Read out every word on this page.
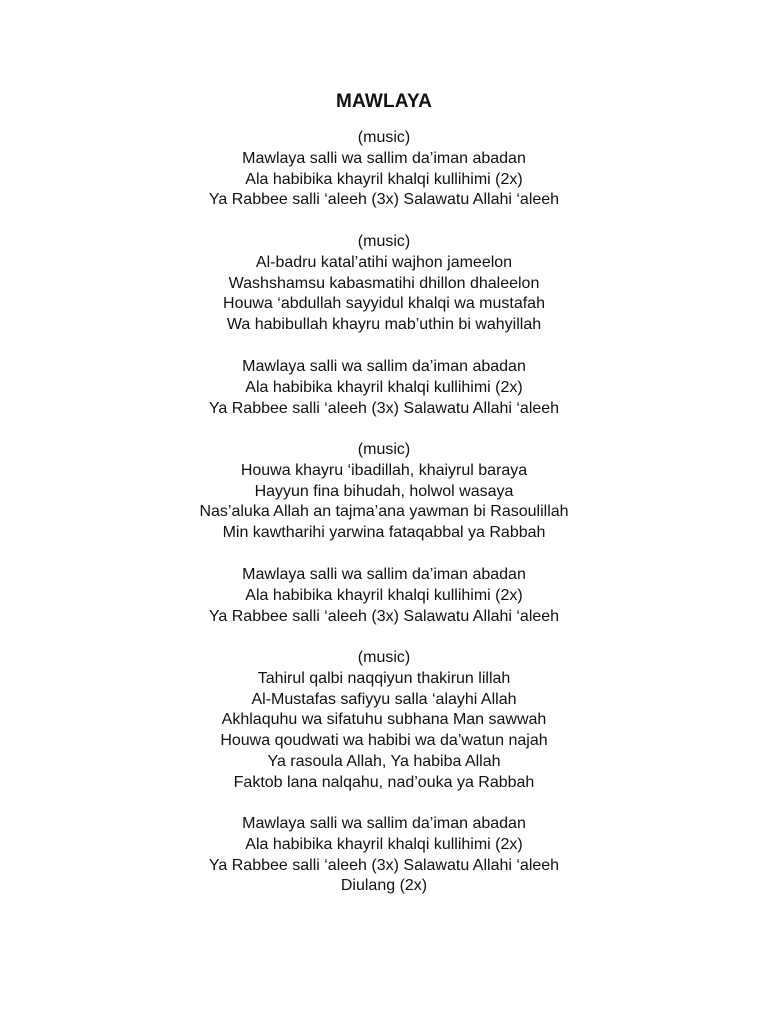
MAWLAYA
(music)
Mawlaya salli wa sallim da’iman abadan
Ala habibika khayril khalqi kullihimi (2x)
Ya Rabbee salli ‘aleeh (3x) Salawatu Allahi ‘aleeh
(music)
Al-badru katal’atihi wajhon jameelon
Washshamsu kabasmatihi dhillon dhaleelon
Houwa ‘abdullah sayyidul khalqi wa mustafah
Wa habibullah khayru mab’uthin bi wahyillah
Mawlaya salli wa sallim da’iman abadan
Ala habibika khayril khalqi kullihimi (2x)
Ya Rabbee salli ‘aleeh (3x) Salawatu Allahi ‘aleeh
(music)
Houwa khayru ‘ibadillah, khaiyrul baraya
Hayyun fina bihudah, holwol wasaya
Nas’aluka Allah an tajma’ana yawman bi Rasoulillah
Min kawtharihi yarwina fataqabbal ya Rabbah
Mawlaya salli wa sallim da’iman abadan
Ala habibika khayril khalqi kullihimi (2x)
Ya Rabbee salli ‘aleeh (3x) Salawatu Allahi ‘aleeh
(music)
Tahirul qalbi naqqiyun thakirun lillah
Al-Mustafas safiyyu salla ‘alayhi Allah
Akhlaquhu wa sifatuhu subhana Man sawwah
Houwa qoudwati wa habibi wa da’watun najah
Ya rasoula Allah, Ya habiba Allah
Faktob lana nalqahu, nad’ouka ya Rabbah
Mawlaya salli wa sallim da’iman abadan
Ala habibika khayril khalqi kullihimi (2x)
Ya Rabbee salli ‘aleeh (3x) Salawatu Allahi ‘aleeh
Diulang (2x)
